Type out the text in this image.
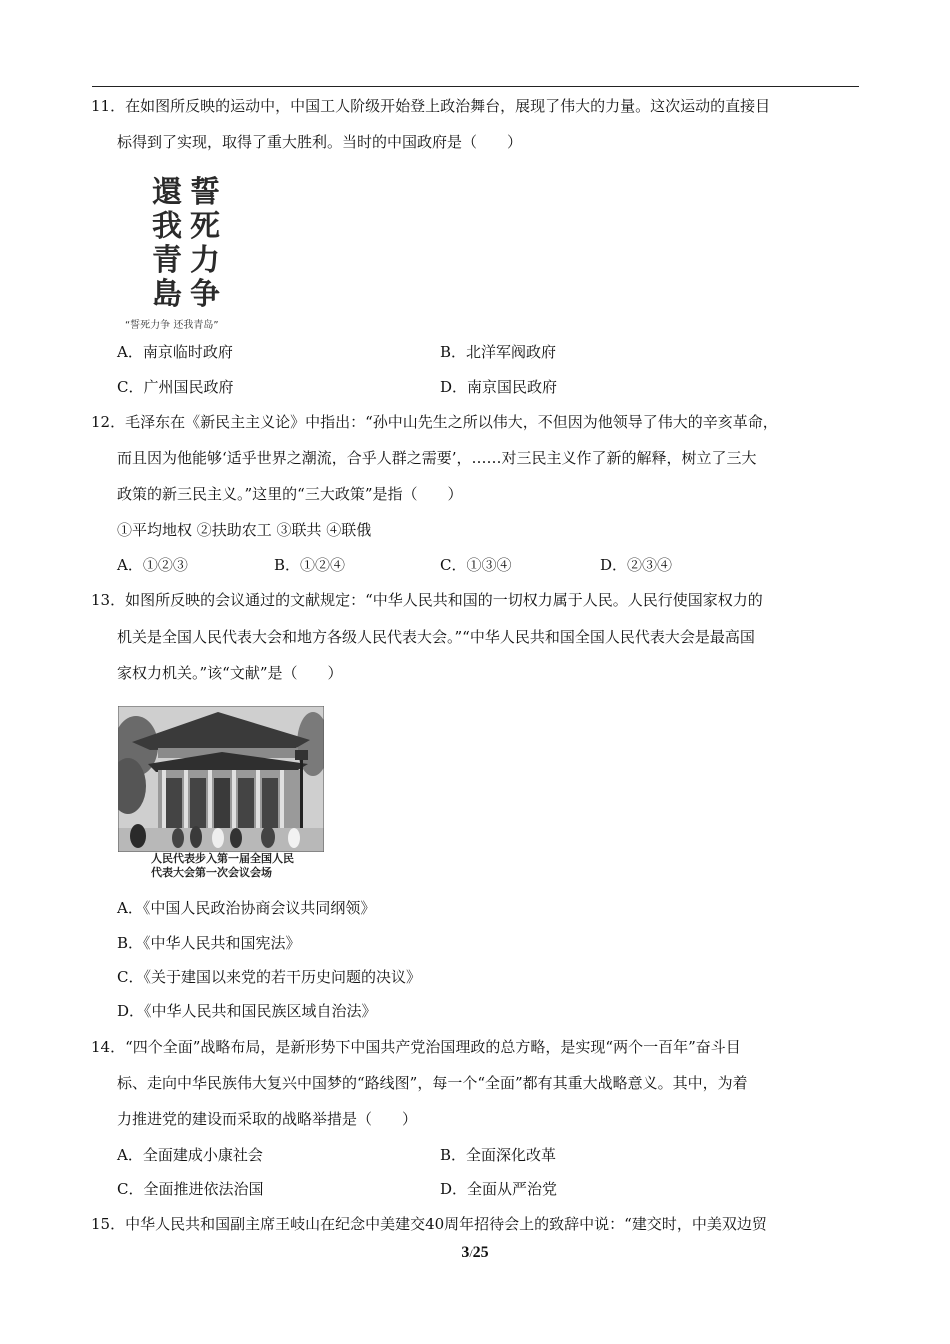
11．在如图所反映的运动中，中国工人阶级开始登上政治舞台，展现了伟大的力量。这次运动的直接目
标得到了实现，取得了重大胜利。当时的中国政府是（　　）
還
我
青
島
誓
死
力
争
“誓死力争 还我青岛”
A．南京临时政府	B．北洋军阀政府
C．广州国民政府	D．南京国民政府
12．毛泽东在《新民主主义论》中指出：“孙中山先生之所以伟大，不但因为他领导了伟大的辛亥革命，
而且因为他能够‘适乎世界之潮流，合乎人群之需要’，……对三民主义作了新的解释，树立了三大
政策的新三民主义。”这里的“三大政策”是指（　　）
①平均地权 ②扶助农工 ③联共 ④联俄
A．①②③	B．①②④	C．①③④	D．②③④
13．如图所反映的会议通过的文献规定：“中华人民共和国的一切权力属于人民。人民行使国家权力的
机关是全国人民代表大会和地方各级人民代表大会。”“中华人民共和国全国人民代表大会是最高国
家权力机关。”该“文献”是（　　）
人民代表步入第一届全国人民
代表大会第一次会议会场
A．《中国人民政治协商会议共同纲领》
B．《中华人民共和国宪法》
C．《关于建国以来党的若干历史问题的决议》
D．《中华人民共和国民族区域自治法》
14．“四个全面”战略布局，是新形势下中国共产党治国理政的总方略，是实现“两个一百年”奋斗目
标、走向中华民族伟大复兴中国梦的“路线图”，每一个“全面”都有其重大战略意义。其中，为着
力推进党的建设而采取的战略举措是（　　）
A．全面建成小康社会	B．全面深化改革
C．全面推进依法治国	D．全面从严治党
15．中华人民共和国副主席王岐山在纪念中美建交40周年招待会上的致辞中说：“建交时，中美双边贸
3/25
